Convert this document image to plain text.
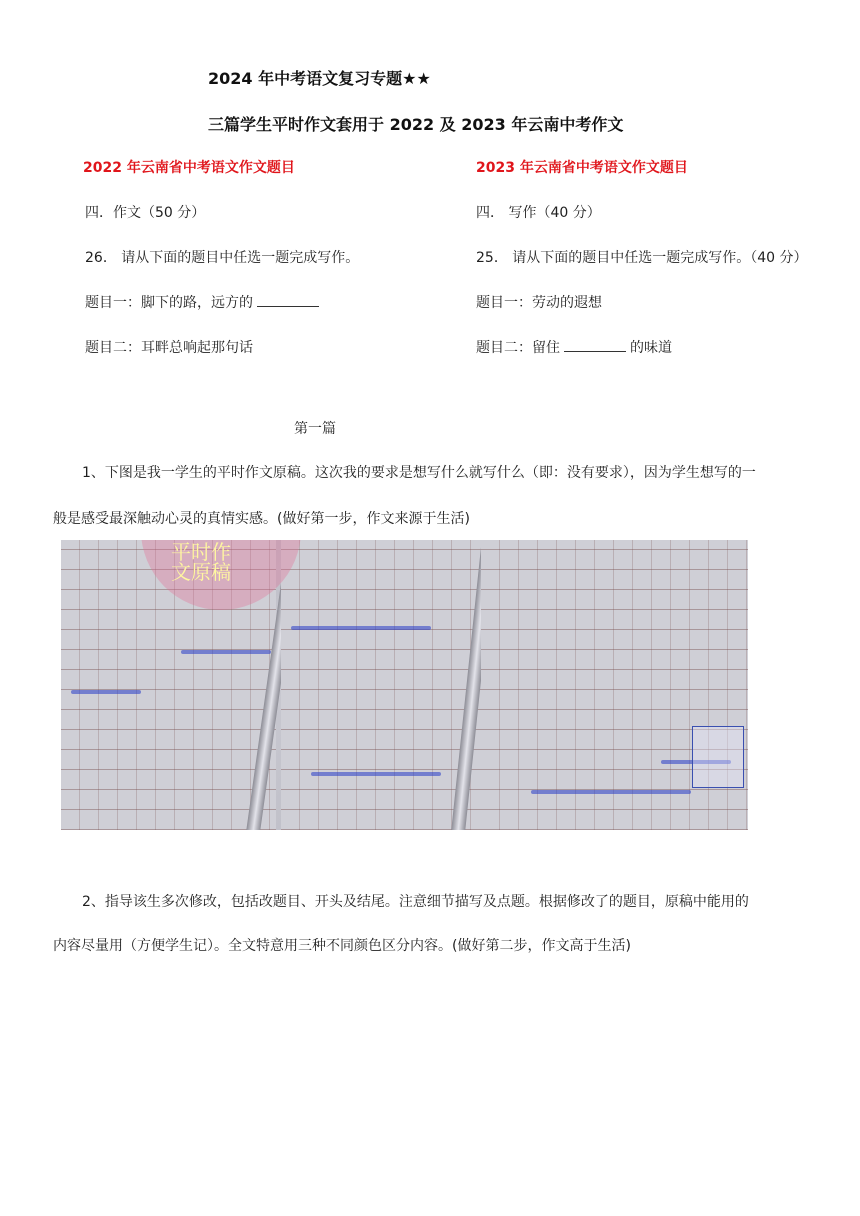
2024 年中考语文复习专题★★
三篇学生平时作文套用于 2022 及 2023 年云南中考作文
2022 年云南省中考语文作文题目
四．作文（50 分）
26． 请从下面的题目中任选一题完成写作。
题目一：脚下的路，远方的
题目二：耳畔总响起那句话
2023 年云南省中考语文作文题目
四． 写作（40 分）
25． 请从下面的题目中任选一题完成写作。（40 分）
题目一：劳动的遐想
题目二：留住	的味道
第一篇
1、下图是我一学生的平时作文原稿。这次我的要求是想写什么就写什么（即：没有要求），因为学生想写的一
般是感受最深触动心灵的真情实感。(做好第一步，作文来源于生活)
平时作
文原稿
2、指导该生多次修改，包括改题目、开头及结尾。注意细节描写及点题。根据修改了的题目，原稿中能用的
内容尽量用（方便学生记）。全文特意用三种不同颜色区分内容。(做好第二步，作文高于生活)
